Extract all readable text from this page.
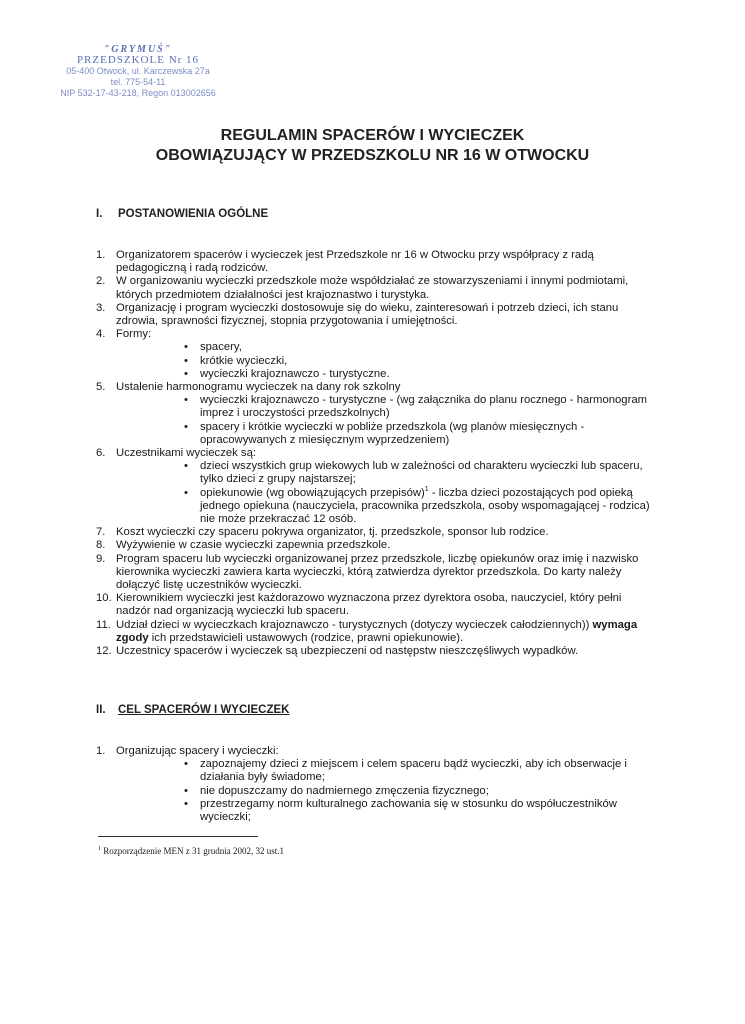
"GRYMUŚ"
PRZEDSZKOLE Nr 16
05-400 Otwock, ul. Karczewska 27a
tel. 775-54-11
NIP 532-17-43-218, Regon 013002656
REGULAMIN SPACERÓW I WYCIECZEK
OBOWIĄZUJĄCY W PRZEDSZKOLU NR 16 W OTWOCKU
I. POSTANOWIENIA OGÓLNE
1. Organizatorem spacerów i wycieczek jest Przedszkole nr 16 w Otwocku przy współpracy z radą pedagogiczną i radą rodziców.
2. W organizowaniu wycieczki przedszkole może współdziałać ze stowarzyszeniami i innymi podmiotami, których przedmiotem działalności jest krajoznastwo i turystyka.
3. Organizację i program wycieczki dostosowuje się do wieku, zainteresowań i potrzeb dzieci, ich stanu zdrowia, sprawności fizycznej, stopnia przygotowania i umiejętności.
4. Formy:
• spacery,
• krótkie wycieczki,
• wycieczki krajoznawczo - turystyczne.
5. Ustalenie harmonogramu wycieczek na dany rok szkolny
• wycieczki krajoznawczo - turystyczne - (wg załącznika do planu rocznego - harmonogram imprez i uroczystości przedszkolnych)
• spacery i krótkie wycieczki w pobliże przedszkola (wg planów miesięcznych - opracowywanych z miesięcznym wyprzedzeniem)
6. Uczestnikami wycieczek są:
• dzieci wszystkich grup wiekowych lub w zależności od charakteru wycieczki lub spaceru, tylko dzieci z grupy najstarszej;
• opiekunowie (wg obowiązujących przepisów)$^1$ - liczba dzieci pozostających pod opieką jednego opiekuna (nauczyciela, pracownika przedszkola, osoby wspomagającej - rodzica) nie może przekraczać 12 osób.
7. Koszt wycieczki czy spaceru pokrywa organizator, tj. przedszkole, sponsor lub rodzice.
8. Wyżywienie w czasie wycieczki zapewnia przedszkole.
9. Program spaceru lub wycieczki organizowanej przez przedszkole, liczbę opiekunów oraz imię i nazwisko kierownika wycieczki zawiera karta wycieczki, którą zatwierdza dyrektor przedszkola. Do karty należy dołączyć listę uczestników wycieczki.
10. Kierownikiem wycieczki jest każdorazowo wyznaczona przez dyrektora osoba, nauczyciel, który pełni nadzór nad organizacją wycieczki lub spaceru.
11. Udział dzieci w wycieczkach krajoznawczo - turystycznych (dotyczy wycieczek całodziennych)) wymaga zgody ich przedstawicieli ustawowych (rodzice, prawni opiekunowie).
12. Uczestnicy spacerów i wycieczek są ubezpieczeni od następstw nieszczęśliwych wypadków.
II. CEL SPACERÓW I WYCIECZEK
1. Organizując spacery i wycieczki:
• zapoznajemy dzieci z miejscem i celem spaceru bądź wycieczki, aby ich obserwacje i działania były świadome;
• nie dopuszczamy do nadmiernego zmęczenia fizycznego;
• przestrzegamy norm kulturalnego zachowania się w stosunku do współuczestników wycieczki;
$^1$ Rozporządzenie MEN z 31 grudnia 2002, 32 ust.1
